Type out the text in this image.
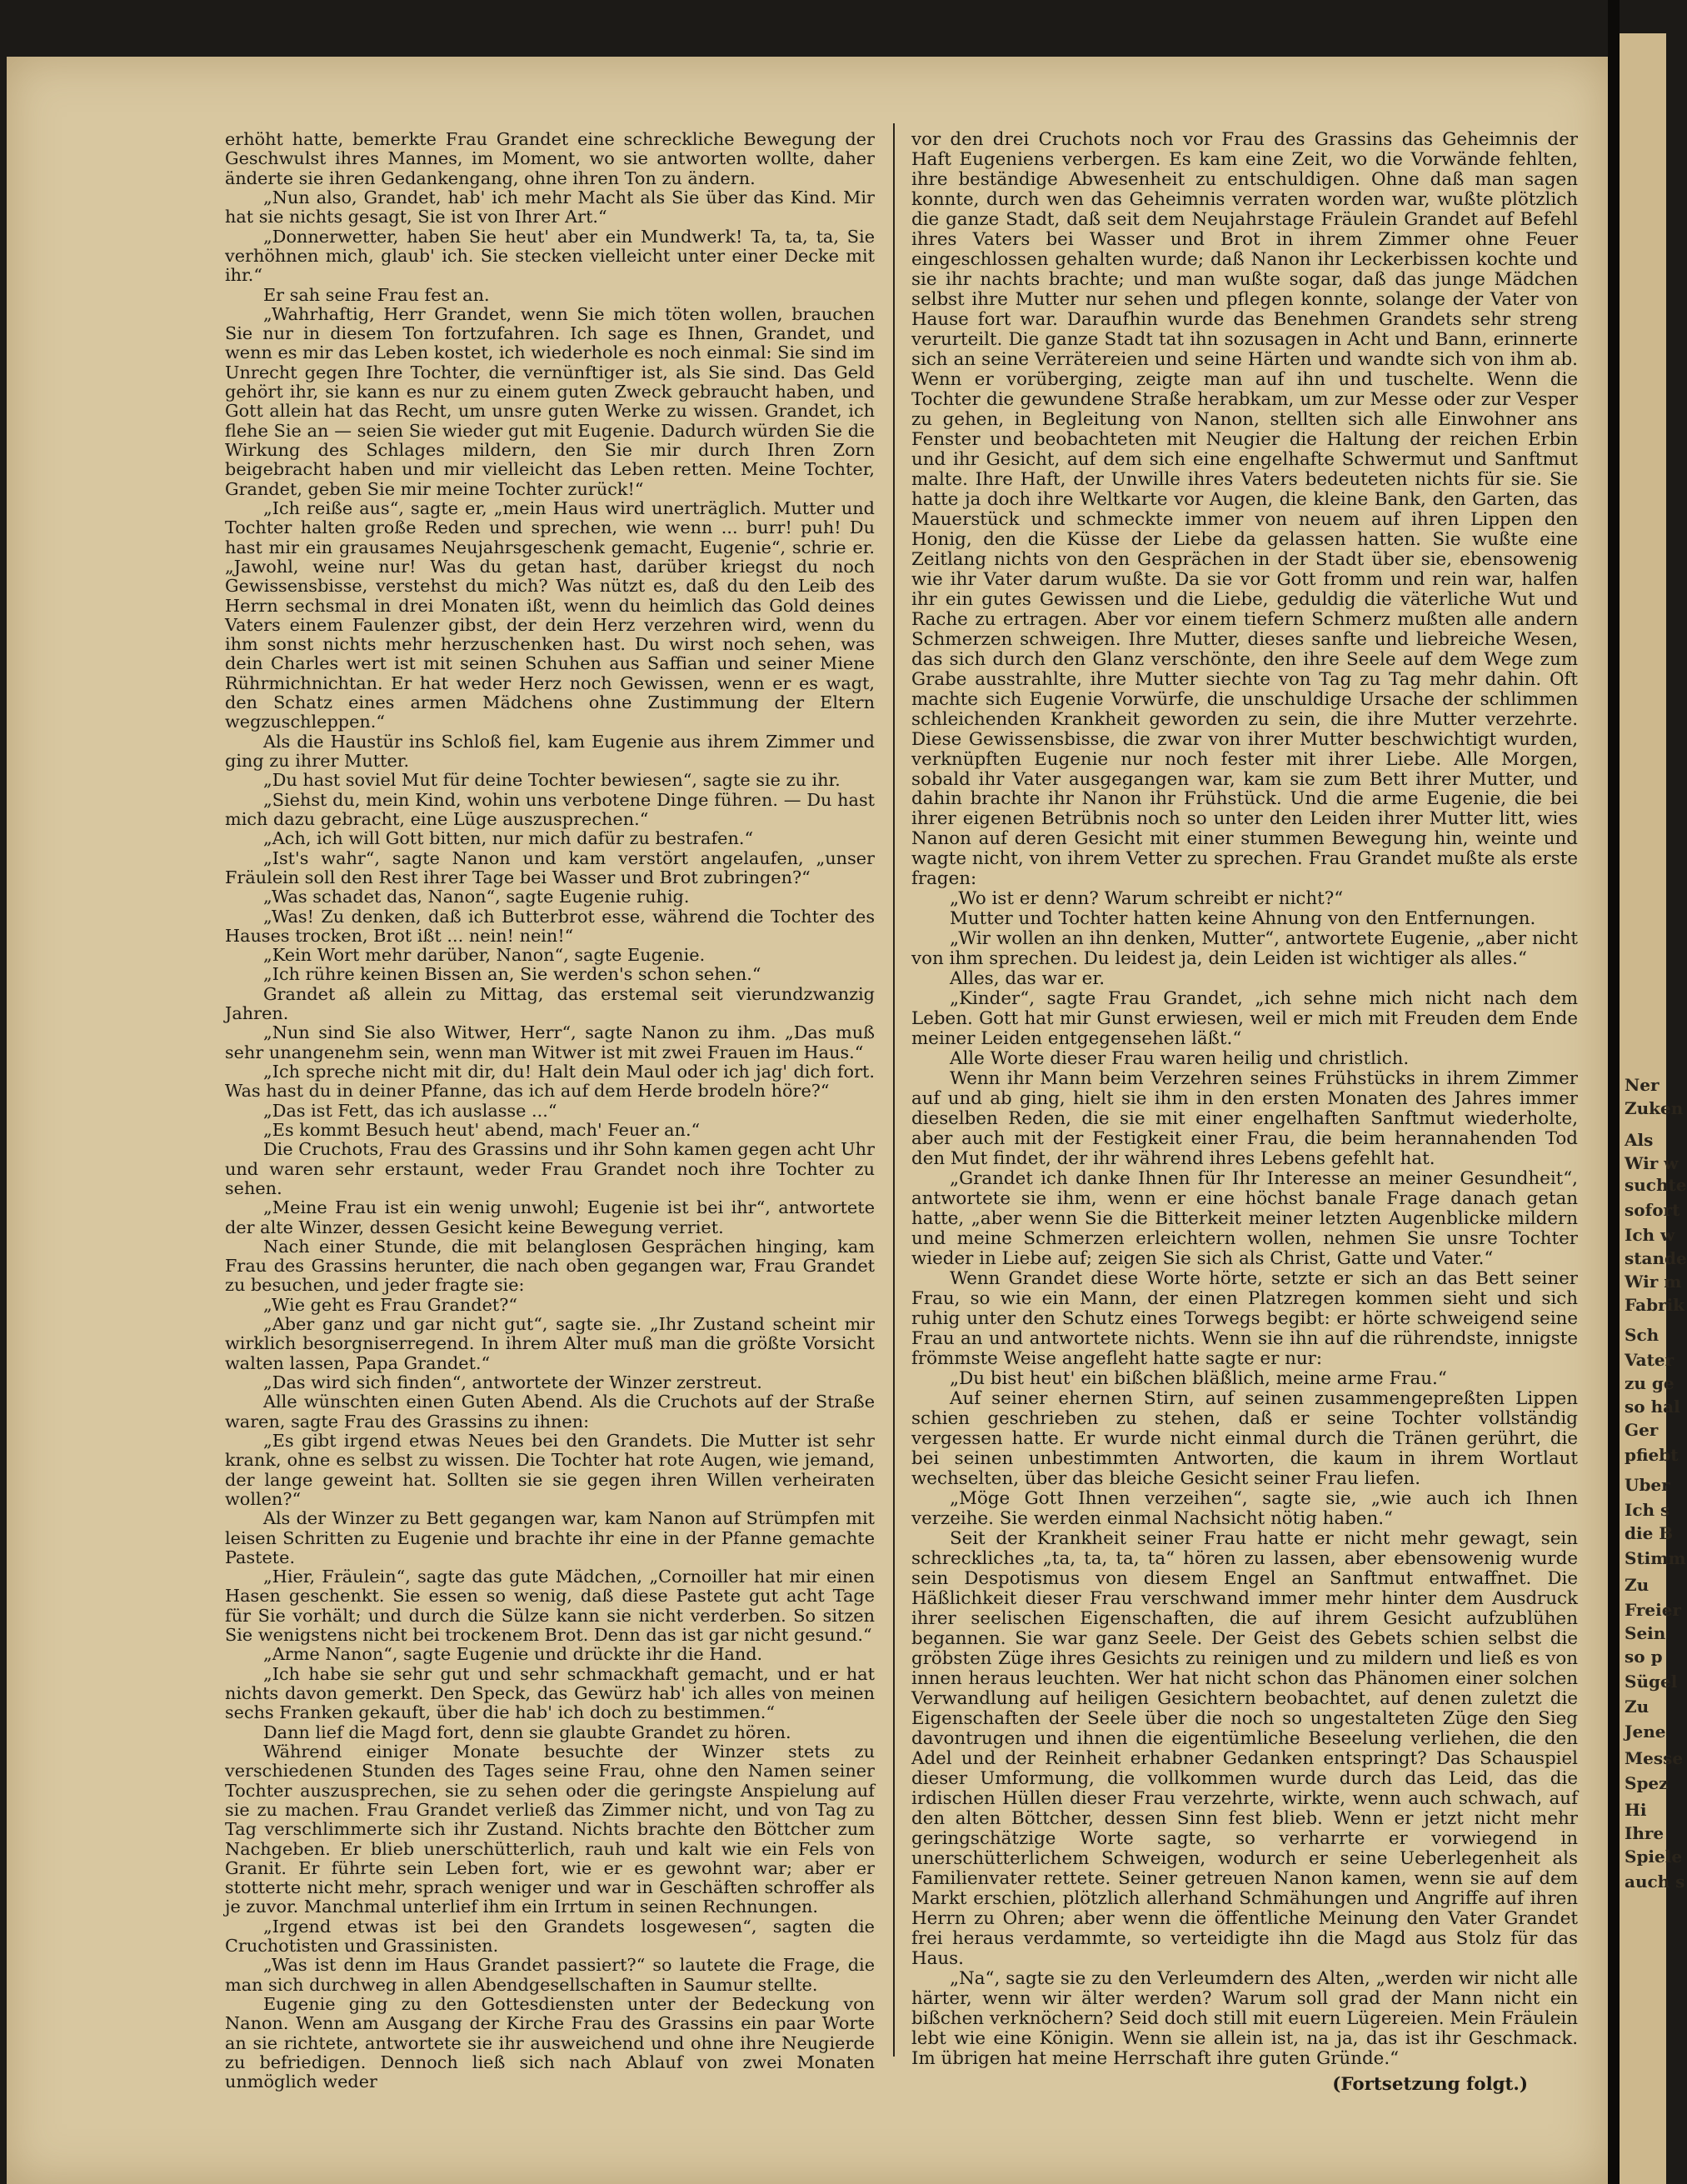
Ner
Zuken
Als
Wir w
suchte
sofort
Ich w
stande
Wir m
Fabrik
Sch
Vater
zu ge
so hal
Ger
pfiebt
Uber
Ich s
die B
Stimm
Zu
Freier
Sein
so p
Sügel
Zu
Jene
Messe
Spez
Hi
Ihre
Spiele
auch s

erhöht hatte, bemerkte Frau Grandet eine schreckliche Bewegung der Geschwulst ihres Mannes, im Moment, wo sie antworten wollte, daher änderte sie ihren Gedankengang, ohne ihren Ton zu ändern.

„Nun also, Grandet, hab' ich mehr Macht als Sie über das Kind. Mir hat sie nichts gesagt, Sie ist von Ihrer Art.“

„Donnerwetter, haben Sie heut' aber ein Mundwerk! Ta, ta, ta, Sie verhöhnen mich, glaub' ich. Sie stecken vielleicht unter einer Decke mit ihr.“

Er sah seine Frau fest an.

„Wahrhaftig, Herr Grandet, wenn Sie mich töten wollen, brauchen Sie nur in diesem Ton fortzufahren. Ich sage es Ihnen, Grandet, und wenn es mir das Leben kostet, ich wiederhole es noch einmal: Sie sind im Unrecht gegen Ihre Tochter, die vernünftiger ist, als Sie sind. Das Geld gehört ihr, sie kann es nur zu einem guten Zweck gebraucht haben, und Gott allein hat das Recht, um unsre guten Werke zu wissen. Grandet, ich flehe Sie an — seien Sie wieder gut mit Eugenie. Dadurch würden Sie die Wirkung des Schlages mildern, den Sie mir durch Ihren Zorn beigebracht haben und mir vielleicht das Leben retten. Meine Tochter, Grandet, geben Sie mir meine Tochter zurück!“

„Ich reiße aus“, sagte er, „mein Haus wird unerträglich. Mutter und Tochter halten große Reden und sprechen, wie wenn ... burr! puh! Du hast mir ein grausames Neujahrsgeschenk gemacht, Eugenie“, schrie er. „Jawohl, weine nur! Was du getan hast, darüber kriegst du noch Gewissensbisse, verstehst du mich? Was nützt es, daß du den Leib des Herrn sechsmal in drei Monaten ißt, wenn du heimlich das Gold deines Vaters einem Faulenzer gibst, der dein Herz verzehren wird, wenn du ihm sonst nichts mehr herzuschenken hast. Du wirst noch sehen, was dein Charles wert ist mit seinen Schuhen aus Saffian und seiner Miene Rührmichnichtan. Er hat weder Herz noch Gewissen, wenn er es wagt, den Schatz eines armen Mädchens ohne Zustimmung der Eltern wegzuschleppen.“

Als die Haustür ins Schloß fiel, kam Eugenie aus ihrem Zimmer und ging zu ihrer Mutter.

„Du hast soviel Mut für deine Tochter bewiesen“, sagte sie zu ihr.

„Siehst du, mein Kind, wohin uns verbotene Dinge führen. — Du hast mich dazu gebracht, eine Lüge auszusprechen.“

„Ach, ich will Gott bitten, nur mich dafür zu bestrafen.“

„Ist's wahr“, sagte Nanon und kam verstört angelaufen, „unser Fräulein soll den Rest ihrer Tage bei Wasser und Brot zubringen?“

„Was schadet das, Nanon“, sagte Eugenie ruhig.

„Was! Zu denken, daß ich Butterbrot esse, während die Tochter des Hauses trocken, Brot ißt ... nein! nein!“

„Kein Wort mehr darüber, Nanon“, sagte Eugenie.

„Ich rühre keinen Bissen an, Sie werden's schon sehen.“

Grandet aß allein zu Mittag, das erstemal seit vierundzwanzig Jahren.

„Nun sind Sie also Witwer, Herr“, sagte Nanon zu ihm. „Das muß sehr unangenehm sein, wenn man Witwer ist mit zwei Frauen im Haus.“

„Ich spreche nicht mit dir, du! Halt dein Maul oder ich jag' dich fort. Was hast du in deiner Pfanne, das ich auf dem Herde brodeln höre?“

„Das ist Fett, das ich auslasse ...“

„Es kommt Besuch heut' abend, mach' Feuer an.“

Die Cruchots, Frau des Grassins und ihr Sohn kamen gegen acht Uhr und waren sehr erstaunt, weder Frau Grandet noch ihre Tochter zu sehen.

„Meine Frau ist ein wenig unwohl; Eugenie ist bei ihr“, antwortete der alte Winzer, dessen Gesicht keine Bewegung verriet.

Nach einer Stunde, die mit belanglosen Gesprächen hinging, kam Frau des Grassins herunter, die nach oben gegangen war, Frau Grandet zu besuchen, und jeder fragte sie:

„Wie geht es Frau Grandet?“

„Aber ganz und gar nicht gut“, sagte sie. „Ihr Zustand scheint mir wirklich besorgniserregend. In ihrem Alter muß man die größte Vorsicht walten lassen, Papa Grandet.“

„Das wird sich finden“, antwortete der Winzer zerstreut.

Alle wünschten einen Guten Abend. Als die Cruchots auf der Straße waren, sagte Frau des Grassins zu ihnen:

„Es gibt irgend etwas Neues bei den Grandets. Die Mutter ist sehr krank, ohne es selbst zu wissen. Die Tochter hat rote Augen, wie jemand, der lange geweint hat. Sollten sie sie gegen ihren Willen verheiraten wollen?“

Als der Winzer zu Bett gegangen war, kam Nanon auf Strümpfen mit leisen Schritten zu Eugenie und brachte ihr eine in der Pfanne gemachte Pastete.

„Hier, Fräulein“, sagte das gute Mädchen, „Cornoiller hat mir einen Hasen geschenkt. Sie essen so wenig, daß diese Pastete gut acht Tage für Sie vorhält; und durch die Sülze kann sie nicht verderben. So sitzen Sie wenigstens nicht bei trockenem Brot. Denn das ist gar nicht gesund.“

„Arme Nanon“, sagte Eugenie und drückte ihr die Hand.

„Ich habe sie sehr gut und sehr schmackhaft gemacht, und er hat nichts davon gemerkt. Den Speck, das Gewürz hab' ich alles von meinen sechs Franken gekauft, über die hab' ich doch zu bestimmen.“

Dann lief die Magd fort, denn sie glaubte Grandet zu hören.

Während einiger Monate besuchte der Winzer stets zu verschiedenen Stunden des Tages seine Frau, ohne den Namen seiner Tochter auszusprechen, sie zu sehen oder die geringste Anspielung auf sie zu machen. Frau Grandet verließ das Zimmer nicht, und von Tag zu Tag verschlimmerte sich ihr Zustand. Nichts brachte den Böttcher zum Nachgeben. Er blieb unerschütterlich, rauh und kalt wie ein Fels von Granit. Er führte sein Leben fort, wie er es gewohnt war; aber er stotterte nicht mehr, sprach weniger und war in Geschäften schroffer als je zuvor. Manchmal unterlief ihm ein Irrtum in seinen Rechnungen.

„Irgend etwas ist bei den Grandets losgewesen“, sagten die Cruchotisten und Grassinisten.

„Was ist denn im Haus Grandet passiert?“ so lautete die Frage, die man sich durchweg in allen Abendgesellschaften in Saumur stellte.

Eugenie ging zu den Gottesdiensten unter der Bedeckung von Nanon. Wenn am Ausgang der Kirche Frau des Grassins ein paar Worte an sie richtete, antwortete sie ihr ausweichend und ohne ihre Neugierde zu befriedigen. Dennoch ließ sich nach Ablauf von zwei Monaten unmöglich weder

vor den drei Cruchots noch vor Frau des Grassins das Geheimnis der Haft Eugeniens verbergen. Es kam eine Zeit, wo die Vorwände fehlten, ihre beständige Abwesenheit zu entschuldigen. Ohne daß man sagen konnte, durch wen das Geheimnis verraten worden war, wußte plötzlich die ganze Stadt, daß seit dem Neujahrstage Fräulein Grandet auf Befehl ihres Vaters bei Wasser und Brot in ihrem Zimmer ohne Feuer eingeschlossen gehalten wurde; daß Nanon ihr Leckerbissen kochte und sie ihr nachts brachte; und man wußte sogar, daß das junge Mädchen selbst ihre Mutter nur sehen und pflegen konnte, solange der Vater von Hause fort war. Daraufhin wurde das Benehmen Grandets sehr streng verurteilt. Die ganze Stadt tat ihn sozusagen in Acht und Bann, erinnerte sich an seine Verrätereien und seine Härten und wandte sich von ihm ab. Wenn er vorüberging, zeigte man auf ihn und tuschelte. Wenn die Tochter die gewundene Straße herabkam, um zur Messe oder zur Vesper zu gehen, in Begleitung von Nanon, stellten sich alle Einwohner ans Fenster und beobachteten mit Neugier die Haltung der reichen Erbin und ihr Gesicht, auf dem sich eine engelhafte Schwermut und Sanftmut malte. Ihre Haft, der Unwille ihres Vaters bedeuteten nichts für sie. Sie hatte ja doch ihre Weltkarte vor Augen, die kleine Bank, den Garten, das Mauerstück und schmeckte immer von neuem auf ihren Lippen den Honig, den die Küsse der Liebe da gelassen hatten. Sie wußte eine Zeitlang nichts von den Gesprächen in der Stadt über sie, ebensowenig wie ihr Vater darum wußte. Da sie vor Gott fromm und rein war, halfen ihr ein gutes Gewissen und die Liebe, geduldig die väterliche Wut und Rache zu ertragen. Aber vor einem tiefern Schmerz mußten alle andern Schmerzen schweigen. Ihre Mutter, dieses sanfte und liebreiche Wesen, das sich durch den Glanz verschönte, den ihre Seele auf dem Wege zum Grabe ausstrahlte, ihre Mutter siechte von Tag zu Tag mehr dahin. Oft machte sich Eugenie Vorwürfe, die unschuldige Ursache der schlimmen schleichenden Krankheit geworden zu sein, die ihre Mutter verzehrte. Diese Gewissensbisse, die zwar von ihrer Mutter beschwichtigt wurden, verknüpften Eugenie nur noch fester mit ihrer Liebe. Alle Morgen, sobald ihr Vater ausgegangen war, kam sie zum Bett ihrer Mutter, und dahin brachte ihr Nanon ihr Frühstück. Und die arme Eugenie, die bei ihrer eigenen Betrübnis noch so unter den Leiden ihrer Mutter litt, wies Nanon auf deren Gesicht mit einer stummen Bewegung hin, weinte und wagte nicht, von ihrem Vetter zu sprechen. Frau Grandet mußte als erste fragen:

„Wo ist er denn? Warum schreibt er nicht?“

Mutter und Tochter hatten keine Ahnung von den Entfernungen.

„Wir wollen an ihn denken, Mutter“, antwortete Eugenie, „aber nicht von ihm sprechen. Du leidest ja, dein Leiden ist wichtiger als alles.“

Alles, das war er.

„Kinder“, sagte Frau Grandet, „ich sehne mich nicht nach dem Leben. Gott hat mir Gunst erwiesen, weil er mich mit Freuden dem Ende meiner Leiden entgegensehen läßt.“

Alle Worte dieser Frau waren heilig und christlich.

Wenn ihr Mann beim Verzehren seines Frühstücks in ihrem Zimmer auf und ab ging, hielt sie ihm in den ersten Monaten des Jahres immer dieselben Reden, die sie mit einer engelhaften Sanftmut wiederholte, aber auch mit der Festigkeit einer Frau, die beim herannahenden Tod den Mut findet, der ihr während ihres Lebens gefehlt hat.

„Grandet ich danke Ihnen für Ihr Interesse an meiner Gesundheit“, antwortete sie ihm, wenn er eine höchst banale Frage danach getan hatte, „aber wenn Sie die Bitterkeit meiner letzten Augenblicke mildern und meine Schmerzen erleichtern wollen, nehmen Sie unsre Tochter wieder in Liebe auf; zeigen Sie sich als Christ, Gatte und Vater.“

Wenn Grandet diese Worte hörte, setzte er sich an das Bett seiner Frau, so wie ein Mann, der einen Platzregen kommen sieht und sich ruhig unter den Schutz eines Torwegs begibt: er hörte schweigend seine Frau an und antwortete nichts. Wenn sie ihn auf die rührendste, innigste frömmste Weise angefleht hatte sagte er nur:

„Du bist heut' ein bißchen bläßlich, meine arme Frau.“

Auf seiner ehernen Stirn, auf seinen zusammengepreßten Lippen schien geschrieben zu stehen, daß er seine Tochter vollständig vergessen hatte. Er wurde nicht einmal durch die Tränen gerührt, die bei seinen unbestimmten Antworten, die kaum in ihrem Wortlaut wechselten, über das bleiche Gesicht seiner Frau liefen.

„Möge Gott Ihnen verzeihen“, sagte sie, „wie auch ich Ihnen verzeihe. Sie werden einmal Nachsicht nötig haben.“

Seit der Krankheit seiner Frau hatte er nicht mehr gewagt, sein schreckliches „ta, ta, ta, ta“ hören zu lassen, aber ebensowenig wurde sein Despotismus von diesem Engel an Sanftmut entwaffnet. Die Häßlichkeit dieser Frau verschwand immer mehr hinter dem Ausdruck ihrer seelischen Eigenschaften, die auf ihrem Gesicht aufzublühen begannen. Sie war ganz Seele. Der Geist des Gebets schien selbst die gröbsten Züge ihres Gesichts zu reinigen und zu mildern und ließ es von innen heraus leuchten. Wer hat nicht schon das Phänomen einer solchen Verwandlung auf heiligen Gesichtern beobachtet, auf denen zuletzt die Eigenschaften der Seele über die noch so ungestalteten Züge den Sieg davontrugen und ihnen die eigentümliche Beseelung verliehen, die den Adel und der Reinheit erhabner Gedanken entspringt? Das Schauspiel dieser Umformung, die vollkommen wurde durch das Leid, das die irdischen Hüllen dieser Frau verzehrte, wirkte, wenn auch schwach, auf den alten Böttcher, dessen Sinn fest blieb. Wenn er jetzt nicht mehr geringschätzige Worte sagte, so verharrte er vorwiegend in unerschütterlichem Schweigen, wodurch er seine Ueberlegenheit als Familienvater rettete. Seiner getreuen Nanon kamen, wenn sie auf dem Markt erschien, plötzlich allerhand Schmähungen und Angriffe auf ihren Herrn zu Ohren; aber wenn die öffentliche Meinung den Vater Grandet frei heraus verdammte, so verteidigte ihn die Magd aus Stolz für das Haus.

„Na“, sagte sie zu den Verleumdern des Alten, „werden wir nicht alle härter, wenn wir älter werden? Warum soll grad der Mann nicht ein bißchen verknöchern? Seid doch still mit euern Lügereien. Mein Fräulein lebt wie eine Königin. Wenn sie allein ist, na ja, das ist ihr Geschmack. Im übrigen hat meine Herrschaft ihre guten Gründe.“

(Fortsetzung folgt.)
